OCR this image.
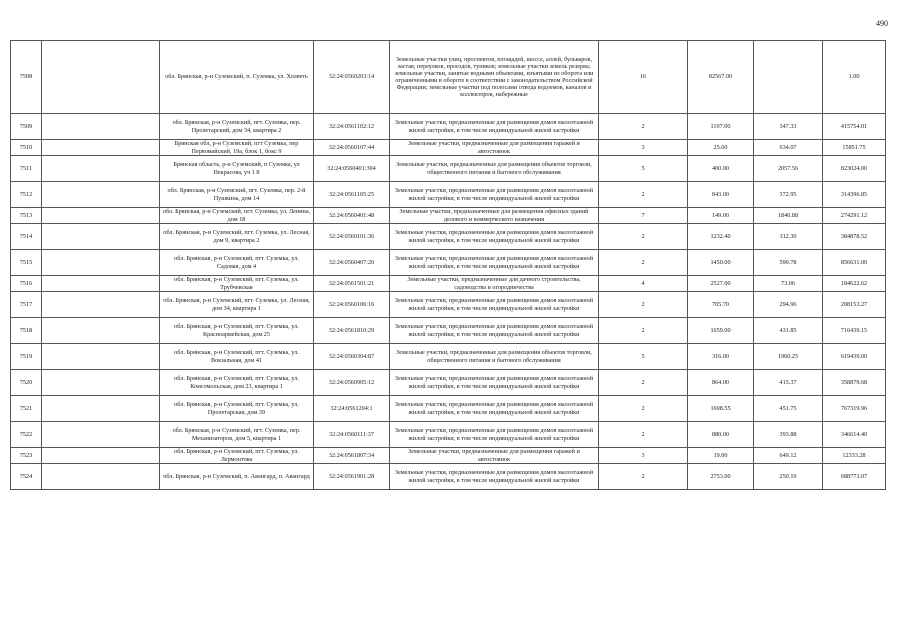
490
7508		обл. Брянская, р-н Суземский, п. Суземка, ул. Холветь	32:24:0560203:14	Земельные участки улиц, проспектов, площадей, шоссе, аллей, бульваров, застав, переулков, проездов, тупиков; земельные участки земель резерва; земельные участки, занятые водными объектами, изъятыми из оборота или ограниченными в обороте в соответствии с законодательством Российской Федерации; земельные участки под полосами отвода водоемов, каналов и коллекторов, набережные	16	82567.00		1.00
7509		обл. Брянская, р-н Суземский, пгт. Суземка, пер. Пролетарский, дом 34, квартира 2	32:24:0561102:12	Земельные участки, предназначенные для размещения домов малоэтажной жилой застройки, в том числе индивидуальной жилой застройки	2	1197.00	347.33	415754.01
7510		Брянская обл, р-н Суземский, пгт Суземка, пер Первомайский, 19а, блок 1, бокс 9	32:24:0560107:44	Земельные участки, предназначенные для размещения гаражей и автостоянок	3	25.00	634.07	15851.75
7511		Брянская область, р-н Суземский, п Суземка, ул Некрасова, уч 1 8	32:24:0560401:304	Земельные участки, предназначенные для размещения объектов торговли, общественного питания и бытового обслуживания	5	400.00	2057.56	823024.00
7512		обл. Брянская, р-н Суземский, пгт. Суземка, пер. 2-й Пушкина, дом 14	32:24:0561105:25	Земельные участки, предназначенные для размещения домов малоэтажной жилой застройки, в том числе индивидуальной жилой застройки	2	843.00	372.95	314396.85
7513		обл. Брянская, р-н Суземский, пгт. Суземка, ул. Ленина, дом 18	32:24:0560401:48	Земельные участки, предназначенные для размещения офисных зданий делового и коммерческого назначения	7	149.00	1840.88	274291.12
7514		обл. Брянская, р-н Суземский, пгт. Суземка, ул. Лесная, дом 9, квартира 2	32:24:0560101:36	Земельные участки, предназначенные для размещения домов малоэтажной жилой застройки, в том числе индивидуальной жилой застройки	2	1232.40	312.30	384878.52
7515		обл. Брянская, р-н Суземский, пгт. Суземка, ул. Садовая, дом 4	32:24:0560407:20	Земельные участки, предназначенные для размещения домов малоэтажной жилой застройки, в том числе индивидуальной жилой застройки	2	1450.00	590.78	856631.00
7516		обл. Брянская, р-н Суземский, пгт. Суземка, ул. Трубчевская	32:24:0561501:21	Земельные участки, предназначенные для дачного строительства, садоводства и огородничества	4	2527.00	73.06	184622.62
7517		обл. Брянская, р-н Суземский, пгт. Суземка, ул. Лесная, дом 34, квартира 1	32:24:0560106:16	Земельные участки, предназначенные для размещения домов малоэтажной жилой застройки, в том числе индивидуальной жилой застройки	2	705.70	294.96	208153.27
7518		обл. Брянская, р-н Суземский, пгт. Суземка, ул. Красноармейская, дом 25	32:24:0561810:29	Земельные участки, предназначенные для размещения домов малоэтажной жилой застройки, в том числе индивидуальной жилой застройки	2	1659.00	431.85	716439.15
7519		обл. Брянская, р-н Суземский, пгт. Суземка, ул. Вокзальная, дом 41	32:24:0560304:87	Земельные участки, предназначенные для размещения объектов торговли, общественного питания и бытового обслуживания	5	316.00	1960.25	619439.00
7520		обл. Брянская, р-н Суземский, пгт. Суземка, ул. Комсомольская, дом 23, квартира 1	32:24:0560905:12	Земельные участки, предназначенные для размещения домов малоэтажной жилой застройки, в том числе индивидуальной жилой застройки	2	864.00	415.37	358879.68
7521		обл. Брянская, р-н Суземский, пгт. Суземка, ул. Пролетарская, дом 39	32:24:0561204:1	Земельные участки, предназначенные для размещения домов малоэтажной жилой застройки, в том числе индивидуальной жилой застройки	2	1698.55	451.75	767319.96
7522		обл. Брянская, р-н Суземский, пгт. Суземка, пер. Механизаторов, дом 5, квартира 1	32:24:0560111:37	Земельные участки, предназначенные для размещения домов малоэтажной жилой застройки, в том числе индивидуальной жилой застройки	2	880.00	393.88	346614.40
7523		обл. Брянская, р-н Суземский, пгт. Суземка, ул. Лермонтова	32:24:0561807:34	Земельные участки, предназначенные для размещения гаражей и автостоянок	3	19.00	649.12	12333.28
7524		обл. Брянская, р-н Суземский, п. Авангард, п. Авангард	32:24:0561901:28	Земельные участки, предназначенные для размещения домов малоэтажной жилой застройки, в том числе индивидуальной жилой застройки	2	2753.00	250.19	688773.07
